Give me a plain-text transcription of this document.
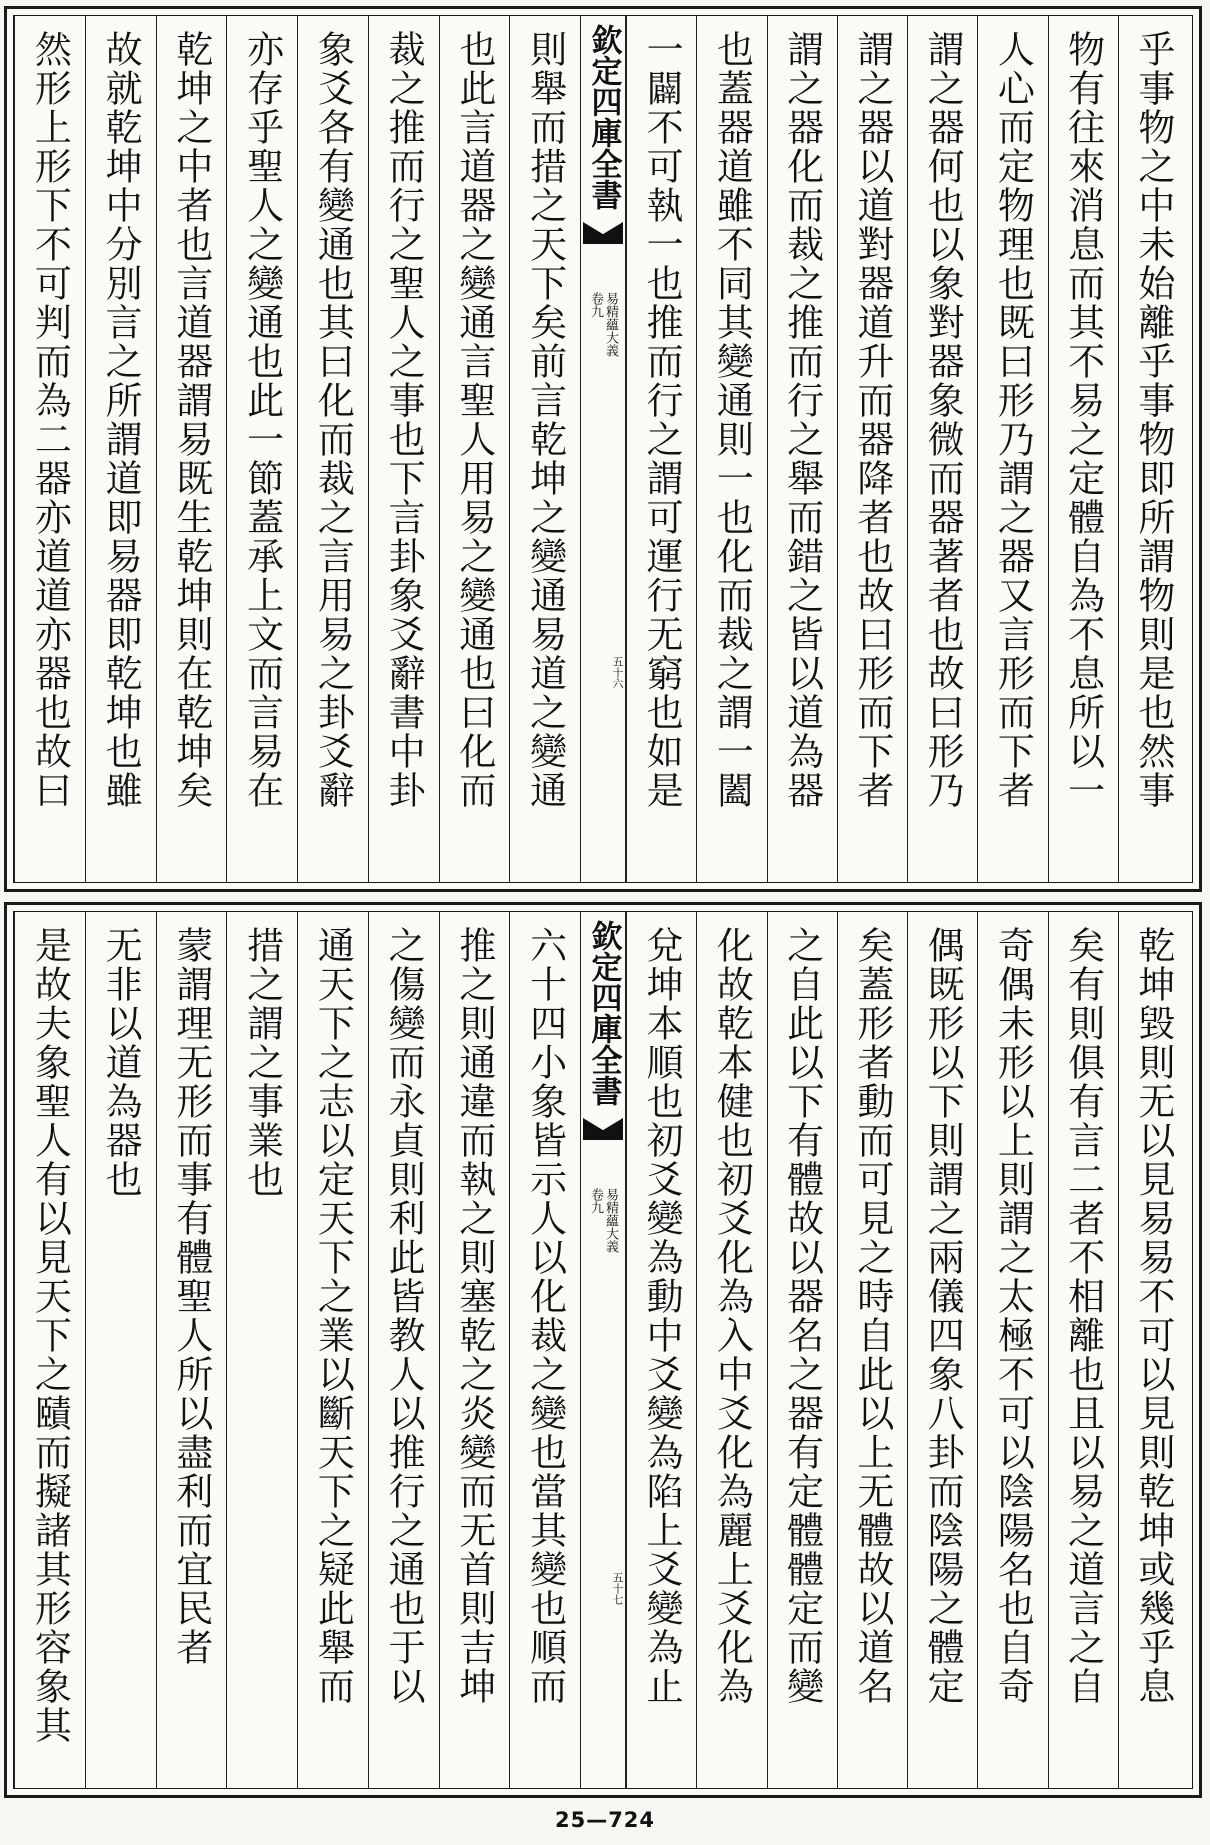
欽定四庫全書
易精蘊大義
卷九
五十六	乎事物之中未始離乎事物即所謂物則是也然事
物有往來消息而其不易之定體自為不息所以一
人心而定物理也既曰形乃謂之器又言形而下者
謂之器何也以象對器象微而器著者也故曰形乃
謂之器以道對器道升而器降者也故曰形而下者
謂之器化而裁之推而行之舉而錯之皆以道為器
也蓋器道雖不同其變通則一也化而裁之謂一闔
一闢不可執一也推而行之謂可運行无窮也如是
則舉而措之天下矣前言乾坤之變通易道之變通
也此言道器之變通言聖人用易之變通也曰化而
裁之推而行之聖人之事也下言卦象爻辭書中卦
象爻各有變通也其曰化而裁之言用易之卦爻辭
亦存乎聖人之變通也此一節蓋承上文而言易在
乾坤之中者也言道器謂易既生乾坤則在乾坤矣
故就乾坤中分別言之所謂道即易器即乾坤也雖
然形上形下不可判而為二器亦道道亦器也故曰
欽定四庫全書
易精蘊大義
卷九
五十七	乾坤毀則无以見易易不可以見則乾坤或幾乎息
矣有則俱有言二者不相離也且以易之道言之自
奇偶未形以上則謂之太極不可以陰陽名也自奇
偶既形以下則謂之兩儀四象八卦而陰陽之體定
矣蓋形者動而可見之時自此以上无體故以道名
之自此以下有體故以器名之器有定體體定而變
化故乾本健也初爻化為入中爻化為麗上爻化為
兌坤本順也初爻變為動中爻變為陷上爻變為止
六十四小象皆示人以化裁之變也當其變也順而
推之則通違而執之則塞乾之炎變而无首則吉坤
之傷變而永貞則利此皆教人以推行之通也于以
通天下之志以定天下之業以斷天下之疑此舉而
措之謂之事業也
蒙謂理无形而事有體聖人所以盡利而宜民者
无非以道為器也
是故夫象聖人有以見天下之賾而擬諸其形容象其
25—724
